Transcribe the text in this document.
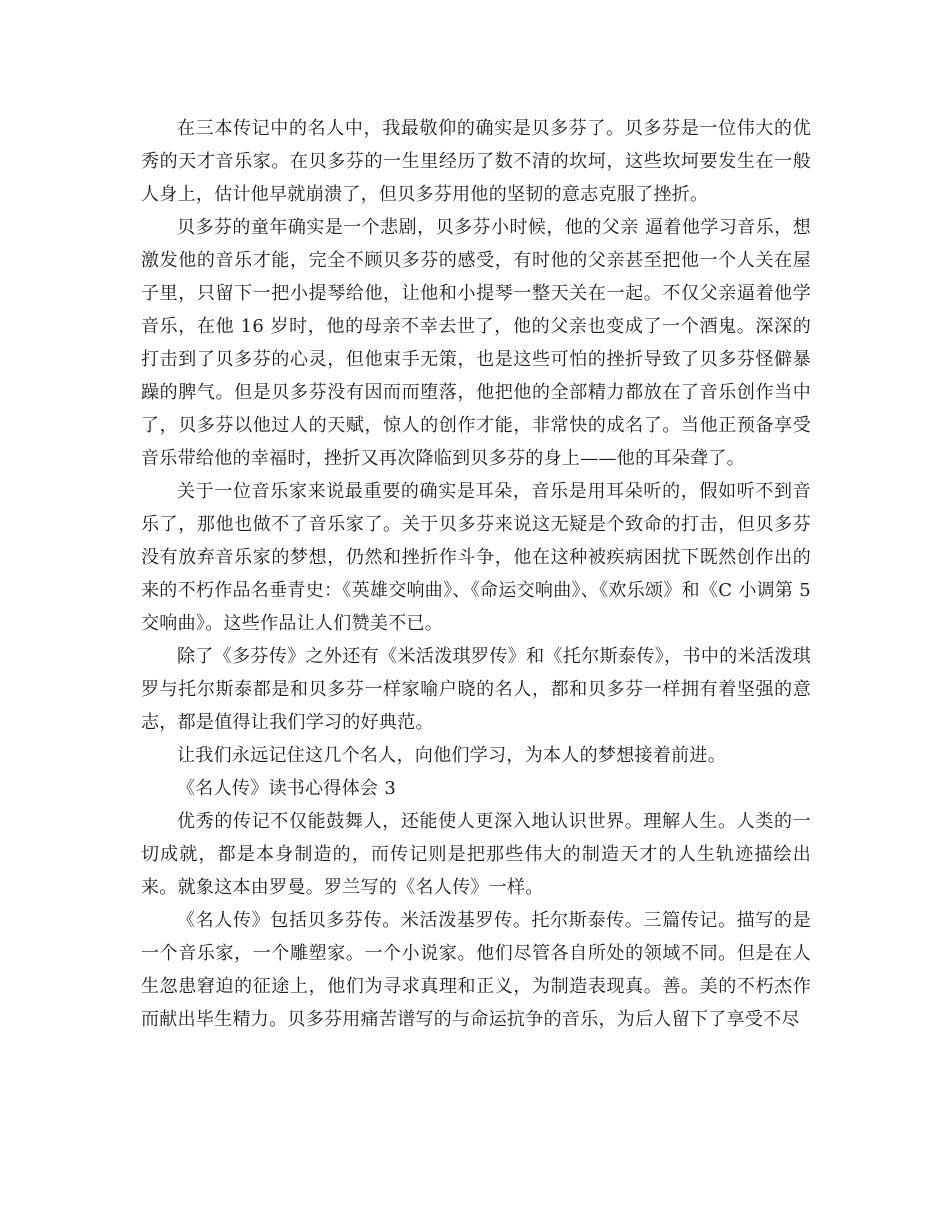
在三本传记中的名人中，我最敬仰的确实是贝多芬了。贝多芬是一位伟大的优秀的天才音乐家。在贝多芬的一生里经历了数不清的坎坷，这些坎坷要发生在一般人身上，估计他早就崩溃了，但贝多芬用他的坚韧的意志克服了挫折。

贝多芬的童年确实是一个悲剧，贝多芬小时候，他的父亲 逼着他学习音乐，想激发他的音乐才能，完全不顾贝多芬的感受，有时他的父亲甚至把他一个人关在屋子里，只留下一把小提琴给他，让他和小提琴一整天关在一起。不仅父亲逼着他学音乐，在他 16 岁时，他的母亲不幸去世了，他的父亲也变成了一个酒鬼。深深的打击到了贝多芬的心灵，但他束手无策，也是这些可怕的挫折导致了贝多芬怪僻暴躁的脾气。但是贝多芬没有因而而堕落，他把他的全部精力都放在了音乐创作当中了，贝多芬以他过人的天赋，惊人的创作才能，非常快的成名了。当他正预备享受音乐带给他的幸福时，挫折又再次降临到贝多芬的身上——他的耳朵聋了。

关于一位音乐家来说最重要的确实是耳朵，音乐是用耳朵听的，假如听不到音乐了，那他也做不了音乐家了。关于贝多芬来说这无疑是个致命的打击，但贝多芬没有放弃音乐家的梦想，仍然和挫折作斗争，他在这种被疾病困扰下既然创作出的来的不朽作品名垂青史：《英雄交响曲》、《命运交响曲》、《欢乐颂》和《C 小调第 5 交响曲》。这些作品让人们赞美不已。

除了《多芬传》之外还有《米活泼琪罗传》和《托尔斯泰传》，书中的米活泼琪罗与托尔斯泰都是和贝多芬一样家喻户晓的名人，都和贝多芬一样拥有着坚强的意志，都是值得让我们学习的好典范。

让我们永远记住这几个名人，向他们学习，为本人的梦想接着前进。

《名人传》读书心得体会 3

优秀的传记不仅能鼓舞人，还能使人更深入地认识世界。理解人生。人类的一切成就，都是本身制造的，而传记则是把那些伟大的制造天才的人生轨迹描绘出来。就象这本由罗曼。罗兰写的《名人传》一样。

《名人传》包括贝多芬传。米活泼基罗传。托尔斯泰传。三篇传记。描写的是一个音乐家，一个雕塑家。一个小说家。他们尽管各自所处的领域不同。但是在人生忽患窘迫的征途上，他们为寻求真理和正义，为制造表现真。善。美的不朽杰作而献出毕生精力。贝多芬用痛苦谱写的与命运抗争的音乐，为后人留下了享受不尽
